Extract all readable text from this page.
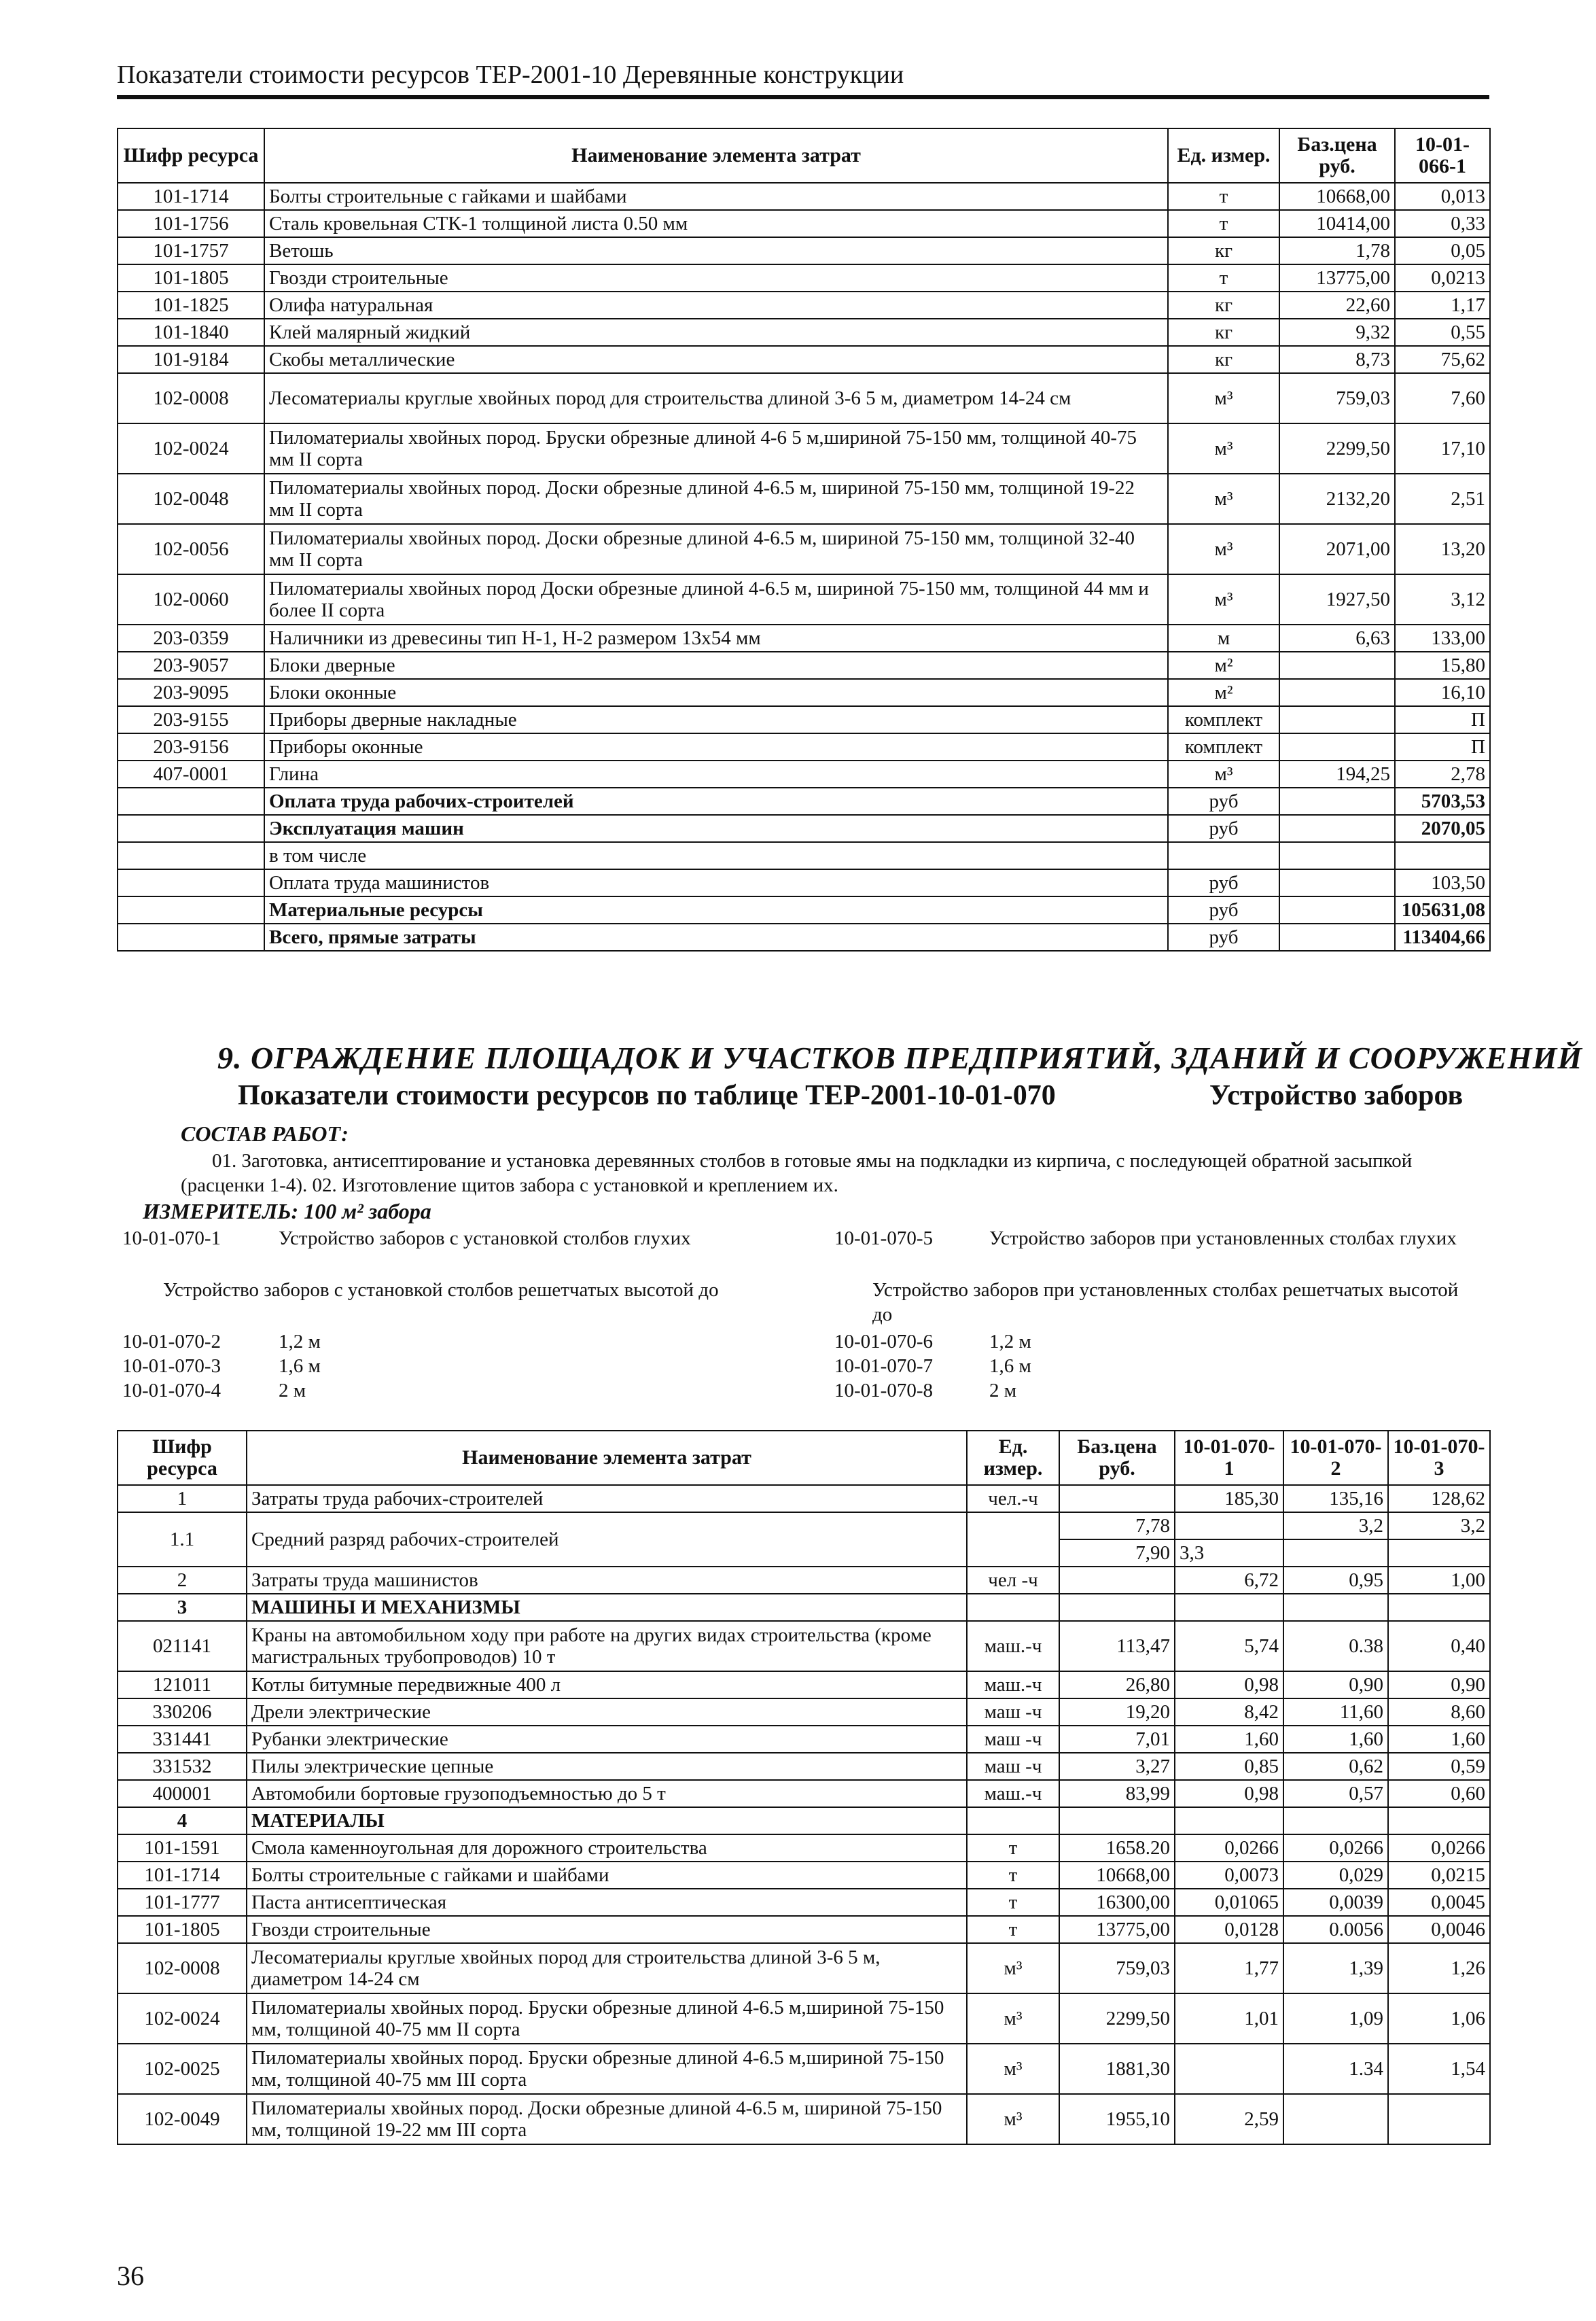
Показатели стоимости ресурсов ТЕР-2001-10 Деревянные конструкции
Шифр ресурса	Наименование элемента затрат	Ед. измер.	Баз.цена руб.	10-01-066-1
101-1714	Болты строительные с гайками и шайбами	т	10668,00	0,013
101-1756	Сталь кровельная СТК-1 толщиной листа 0.50 мм	т	10414,00	0,33
101-1757	Ветошь	кг	1,78	0,05
101-1805	Гвозди строительные	т	13775,00	0,0213
101-1825	Олифа натуральная	кг	22,60	1,17
101-1840	Клей малярный жидкий	кг	9,32	0,55
101-9184	Скобы металлические	кг	8,73	75,62
102-0008	Лесоматериалы круглые хвойных пород для строительства длиной 3-6 5 м, диаметром 14-24 см	м³	759,03	7,60
102-0024	Пиломатериалы хвойных пород. Бруски обрезные длиной 4-6 5 м,шириной 75-150 мм, толщиной 40-75 мм II сорта	м³	2299,50	17,10
102-0048	Пиломатериалы хвойных пород. Доски обрезные длиной 4-6.5 м, шириной 75-150 мм, толщиной 19-22 мм II сорта	м³	2132,20	2,51
102-0056	Пиломатериалы хвойных пород. Доски обрезные длиной 4-6.5 м, шириной 75-150 мм, толщиной 32-40 мм II сорта	м³	2071,00	13,20
102-0060	Пиломатериалы хвойных пород Доски обрезные длиной 4-6.5 м, шириной 75-150 мм, толщиной 44 мм и более II сорта	м³	1927,50	3,12
203-0359	Наличники из древесины тип Н-1, Н-2 размером 13х54 мм	м	6,63	133,00
203-9057	Блоки дверные	м²		15,80
203-9095	Блоки оконные	м²		16,10
203-9155	Приборы дверные накладные	комплект		П
203-9156	Приборы оконные	комплект		П
407-0001	Глина	м³	194,25	2,78
	Оплата труда рабочих-строителей	руб		5703,53
	Эксплуатация машин	руб		2070,05
	в том числе			
	Оплата труда машинистов	руб		103,50
	Материальные ресурсы	руб		105631,08
	Всего, прямые затраты	руб		113404,66
9. ОГРАЖДЕНИЕ ПЛОЩАДОК И УЧАСТКОВ ПРЕДПРИЯТИЙ, ЗДАНИЙ И СООРУЖЕНИЙ
Показатели стоимости ресурсов по таблице ТЕР-2001-10-01-070	Устройство заборов
СОСТАВ РАБОТ:
01. Заготовка, антисептирование и установка деревянных столбов в готовые ямы на подкладки из кирпича, с последующей обратной засыпкой (расценки 1-4). 02. Изготовление щитов забора с установкой и креплением их.
ИЗМЕРИТЕЛЬ: 100 м² забора
10-01-070-1	Устройство заборов с установкой столбов глухих
Устройство заборов с установкой столбов решетчатых высотой до
10-01-070-2	1,2 м
10-01-070-3	1,6 м
10-01-070-4	2 м
10-01-070-5	Устройство заборов при установленных столбах глухих
Устройство заборов при установленных столбах решетчатых высотой до
10-01-070-6	1,2 м
10-01-070-7	1,6 м
10-01-070-8	2 м
Шифр ресурса	Наименование элемента затрат	Ед. измер.	Баз.цена руб.	10-01-070-1	10-01-070-2	10-01-070-3
1	Затраты труда рабочих-строителей	чел.-ч		185,30	135,16	128,62
1.1	Средний разряд рабочих-строителей		7,78		3,2	3,2
			7,90	3,3		
2	Затраты труда машинистов	чел -ч		6,72	0,95	1,00
3	МАШИНЫ И МЕХАНИЗМЫ					
021141	Краны на автомобильном ходу при работе на других видах строительства (кроме магистральных трубопроводов) 10 т	маш.-ч	113,47	5,74	0.38	0,40
121011	Котлы битумные передвижные 400 л	маш.-ч	26,80	0,98	0,90	0,90
330206	Дрели электрические	маш -ч	19,20	8,42	11,60	8,60
331441	Рубанки электрические	маш -ч	7,01	1,60	1,60	1,60
331532	Пилы электрические цепные	маш -ч	3,27	0,85	0,62	0,59
400001	Автомобили бортовые грузоподъемностью до 5 т	маш.-ч	83,99	0,98	0,57	0,60
4	МАТЕРИАЛЫ					
101-1591	Смола каменноугольная для дорожного строительства	т	1658.20	0,0266	0,0266	0,0266
101-1714	Болты строительные с гайками и шайбами	т	10668,00	0,0073	0,029	0,0215
101-1777	Паста антисептическая	т	16300,00	0,01065	0,0039	0,0045
101-1805	Гвозди строительные	т	13775,00	0,0128	0.0056	0,0046
102-0008	Лесоматериалы круглые хвойных пород для строительства длиной 3-6 5 м, диаметром 14-24 см	м³	759,03	1,77	1,39	1,26
102-0024	Пиломатериалы хвойных пород. Бруски обрезные длиной 4-6.5 м,шириной 75-150 мм, толщиной 40-75 мм II сорта	м³	2299,50	1,01	1,09	1,06
102-0025	Пиломатериалы хвойных пород. Бруски обрезные длиной 4-6.5 м,шириной 75-150 мм, толщиной 40-75 мм III сорта	м³	1881,30		1.34	1,54
102-0049	Пиломатериалы хвойных пород. Доски обрезные длиной 4-6.5 м, шириной 75-150 мм, толщиной 19-22 мм III сорта	м³	1955,10	2,59		
36
